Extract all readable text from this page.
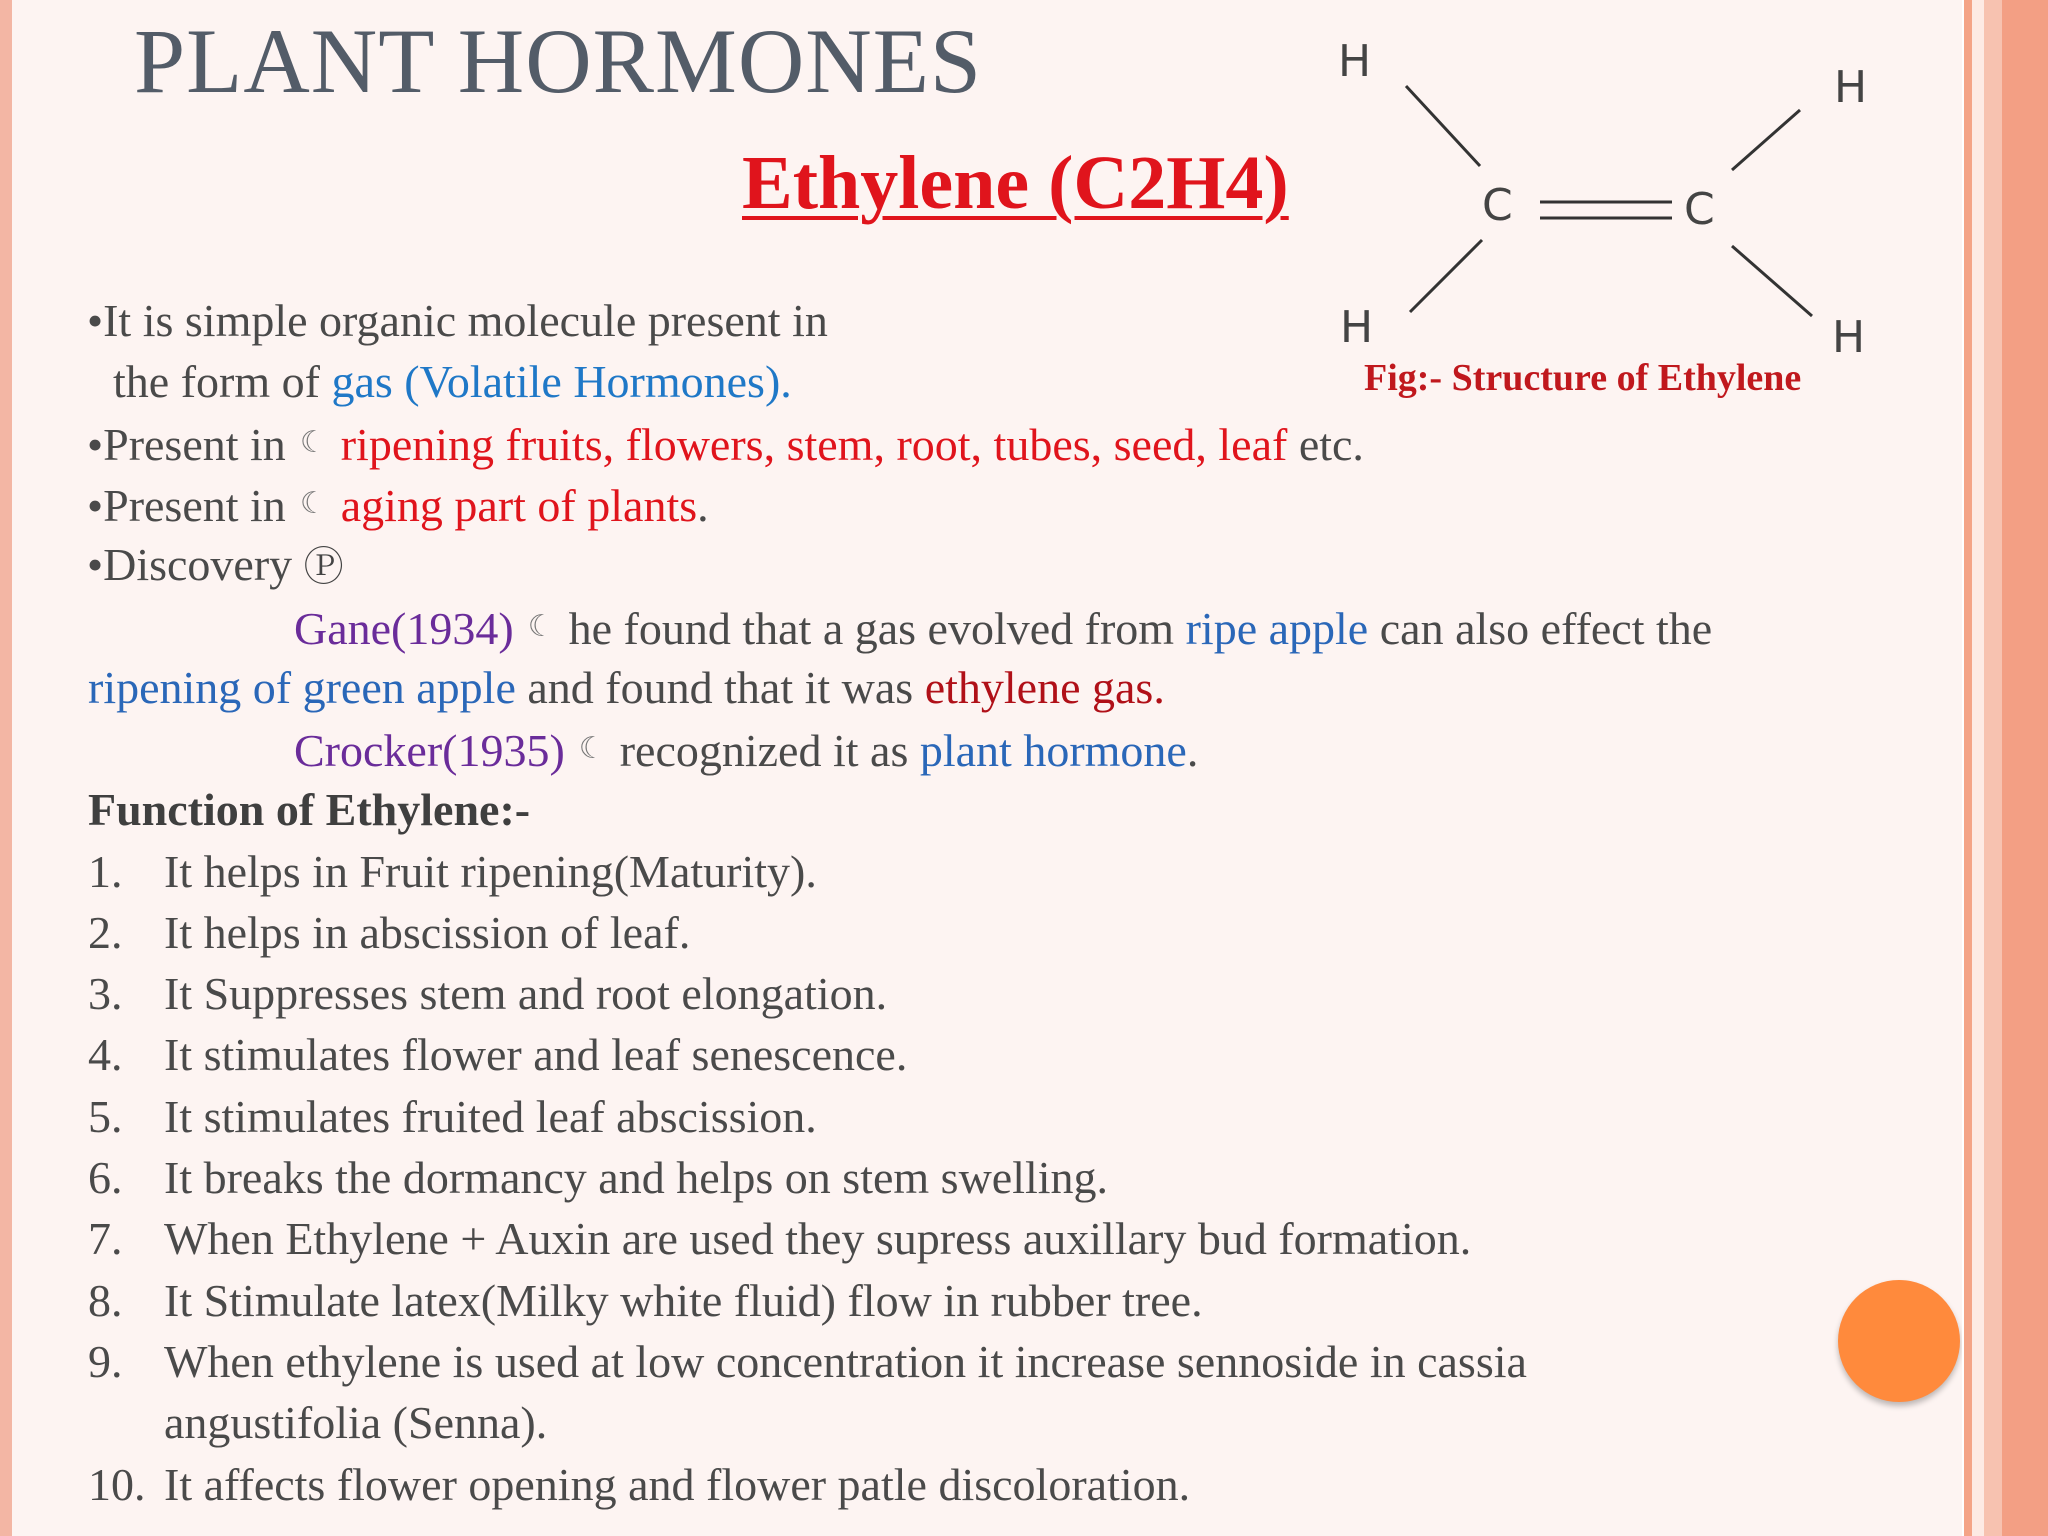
PLANT HORMONES
Ethylene (C2H4)
H
H
C	C
H	H
Fig:- Structure of Ethylene
•It is simple organic molecule present in
the form of gas (Volatile Hormones).
•Present in ☾ ripening fruits, flowers, stem, root, tubes, seed, leaf etc.
•Present in ☾ aging part of plants.
•Discovery Ⓟ
Gane(1934) ☾ he found that a gas evolved from ripe apple can also effect the
ripening of green apple and found that it was ethylene gas.
Crocker(1935) ☾ recognized it as plant hormone.
Function of Ethylene:-
1. It helps in Fruit ripening(Maturity).
2. It helps in abscission of leaf.
3. It Suppresses stem and root elongation.
4. It stimulates flower and leaf senescence.
5. It stimulates fruited leaf abscission.
6. It breaks the dormancy and helps on stem swelling.
7. When Ethylene + Auxin are used they supress auxillary bud formation.
8. It Stimulate latex(Milky white fluid) flow in rubber tree.
9. When ethylene is used at low concentration it increase sennoside in cassia
angustifolia (Senna).
10. It affects flower opening and flower patle discoloration.
